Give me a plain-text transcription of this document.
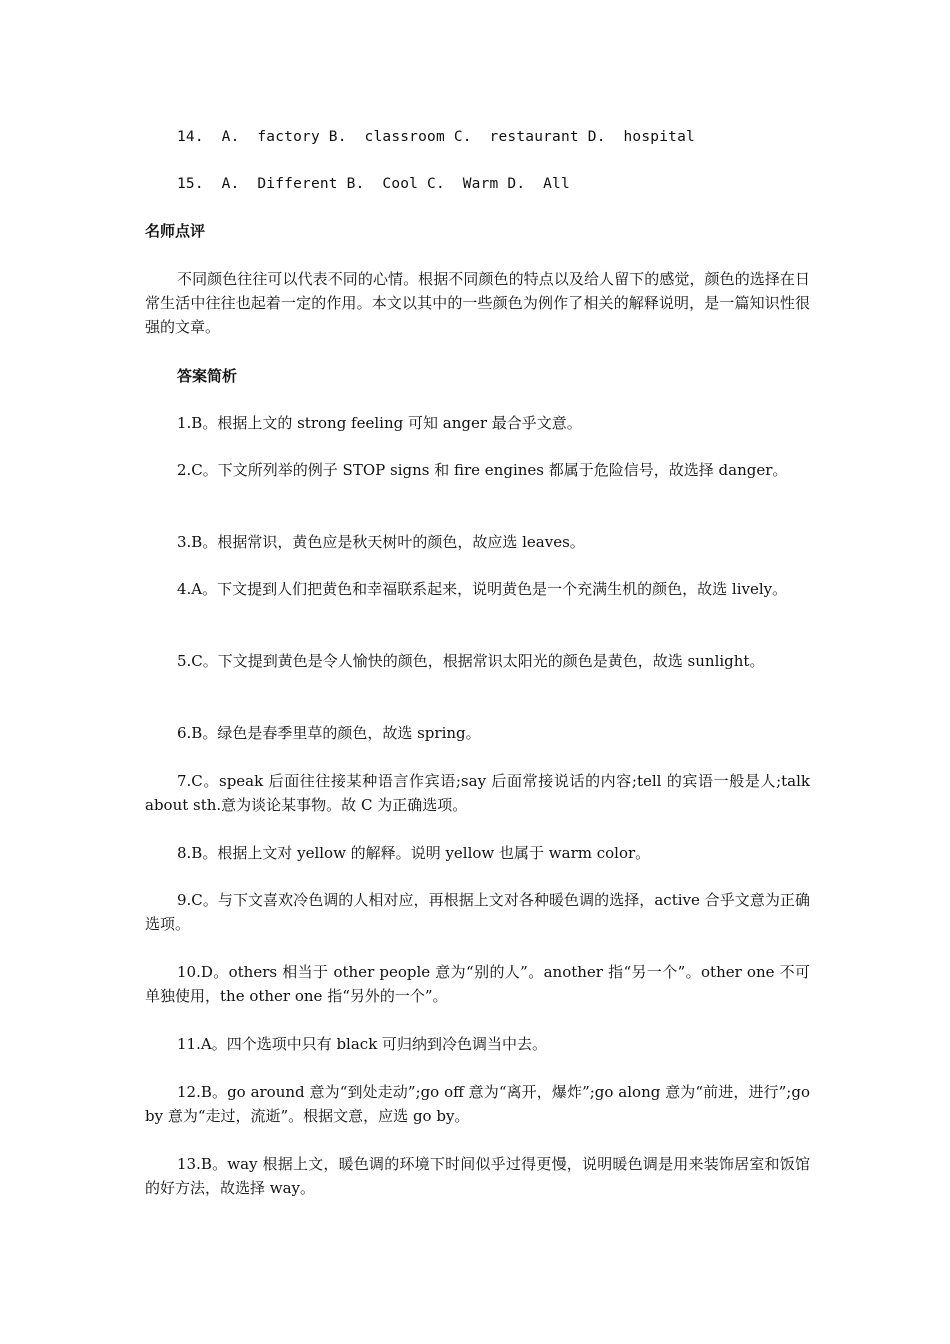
14.  A.  factory B.  classroom C.  restaurant D.  hospital
15.  A.  Different B.  Cool C.  Warm D.  All
名师点评
不同颜色往往可以代表不同的心情。根据不同颜色的特点以及给人留下的感觉，颜色的选择在日常生活中往往也起着一定的作用。本文以其中的一些颜色为例作了相关的解释说明，是一篇知识性很强的文章。
答案简析
1.B。根据上文的 strong feeling 可知 anger 最合乎文意。
2.C。下文所列举的例子 STOP signs 和 fire engines 都属于危险信号，故选择 danger。
3.B。根据常识，黄色应是秋天树叶的颜色，故应选 leaves。
4.A。下文提到人们把黄色和幸福联系起来，说明黄色是一个充满生机的颜色，故选 lively。
5.C。下文提到黄色是令人愉快的颜色，根据常识太阳光的颜色是黄色，故选 sunlight。
6.B。绿色是春季里草的颜色，故选 spring。
7.C。speak 后面往往接某种语言作宾语;say 后面常接说话的内容;tell 的宾语一般是人;talk about sth.意为谈论某事物。故 C 为正确选项。
8.B。根据上文对 yellow 的解释。说明 yellow 也属于 warm color。
9.C。与下文喜欢冷色调的人相对应，再根据上文对各种暖色调的选择，active 合乎文意为正确选项。
10.D。others 相当于 other people 意为“别的人”。another 指“另一个”。other one 不可单独使用，the other one 指“另外的一个”。
11.A。四个选项中只有 black 可归纳到冷色调当中去。
12.B。go around 意为“到处走动”;go off 意为“离开，爆炸”;go along 意为“前进，进行”;go by 意为“走过，流逝”。根据文意，应选 go by。
13.B。way 根据上文，暖色调的环境下时间似乎过得更慢，说明暖色调是用来装饰居室和饭馆的好方法，故选择 way。
